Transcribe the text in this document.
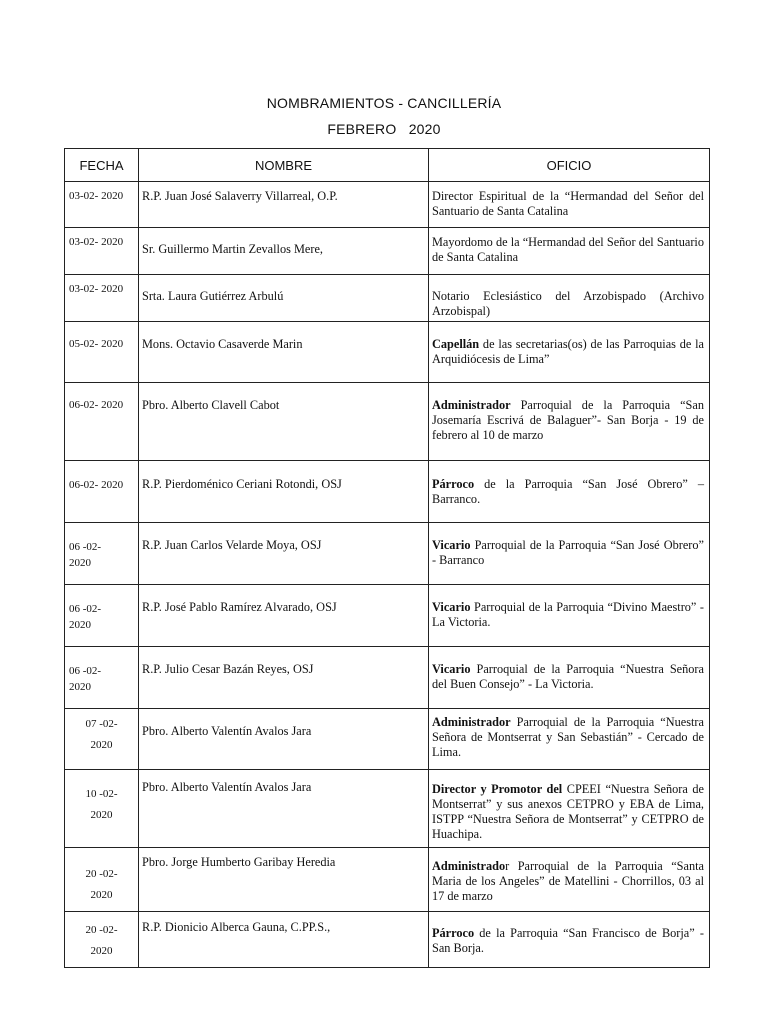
NOMBRAMIENTOS - CANCILLERÍA
FEBRERO   2020
FECHA	NOMBRE	OFICIO
03-02- 2020	R.P. Juan José Salaverry Villarreal, O.P.	Director Espiritual de la “Hermandad del Señor del Santuario de Santa Catalina
03-02- 2020	Sr. Guillermo Martin Zevallos Mere,	Mayordomo de la “Hermandad del Señor del Santuario de Santa Catalina
03-02- 2020	Srta. Laura Gutiérrez Arbulú	Notario Eclesiástico del Arzobispado (Archivo Arzobispal)
05-02- 2020	Mons. Octavio Casaverde Marin	Capellán de las secretarias(os) de las Parroquias de la Arquidiócesis de Lima”
06-02- 2020	Pbro. Alberto Clavell Cabot	Administrador Parroquial de la Parroquia “San Josemaría Escrivá de Balaguer”- San Borja - 19 de febrero al 10 de marzo
06-02- 2020	R.P. Pierdoménico Ceriani Rotondi, OSJ	Párroco de la Parroquia “San José Obrero” – Barranco.
06 -02- 2020	R.P. Juan Carlos Velarde Moya, OSJ	Vicario Parroquial de la Parroquia “San José Obrero” - Barranco
06 -02- 2020	R.P. José Pablo Ramírez Alvarado, OSJ	Vicario Parroquial de la Parroquia “Divino Maestro” - La Victoria.
06 -02- 2020	R.P. Julio Cesar Bazán Reyes, OSJ	Vicario Parroquial de la Parroquia “Nuestra Señora del Buen Consejo” - La Victoria.
07 -02- 2020	Pbro. Alberto Valentín Avalos Jara	Administrador Parroquial de la Parroquia “Nuestra Señora de Montserrat y San Sebastián” - Cercado de Lima.
10 -02- 2020	Pbro. Alberto Valentín Avalos Jara	Director y Promotor del CPEEI “Nuestra Señora de Montserrat” y sus anexos CETPRO y EBA de Lima, ISTPP “Nuestra Señora de Montserrat” y CETPRO de Huachipa.
20 -02- 2020	Pbro. Jorge Humberto Garibay Heredia	Administrador Parroquial de la Parroquia “Santa Maria de los Angeles” de Matellini - Chorrillos, 03 al 17 de marzo
20 -02- 2020	R.P. Dionicio Alberca Gauna, C.PP.S.,	Párroco de la Parroquia “San Francisco de Borja” - San Borja.
